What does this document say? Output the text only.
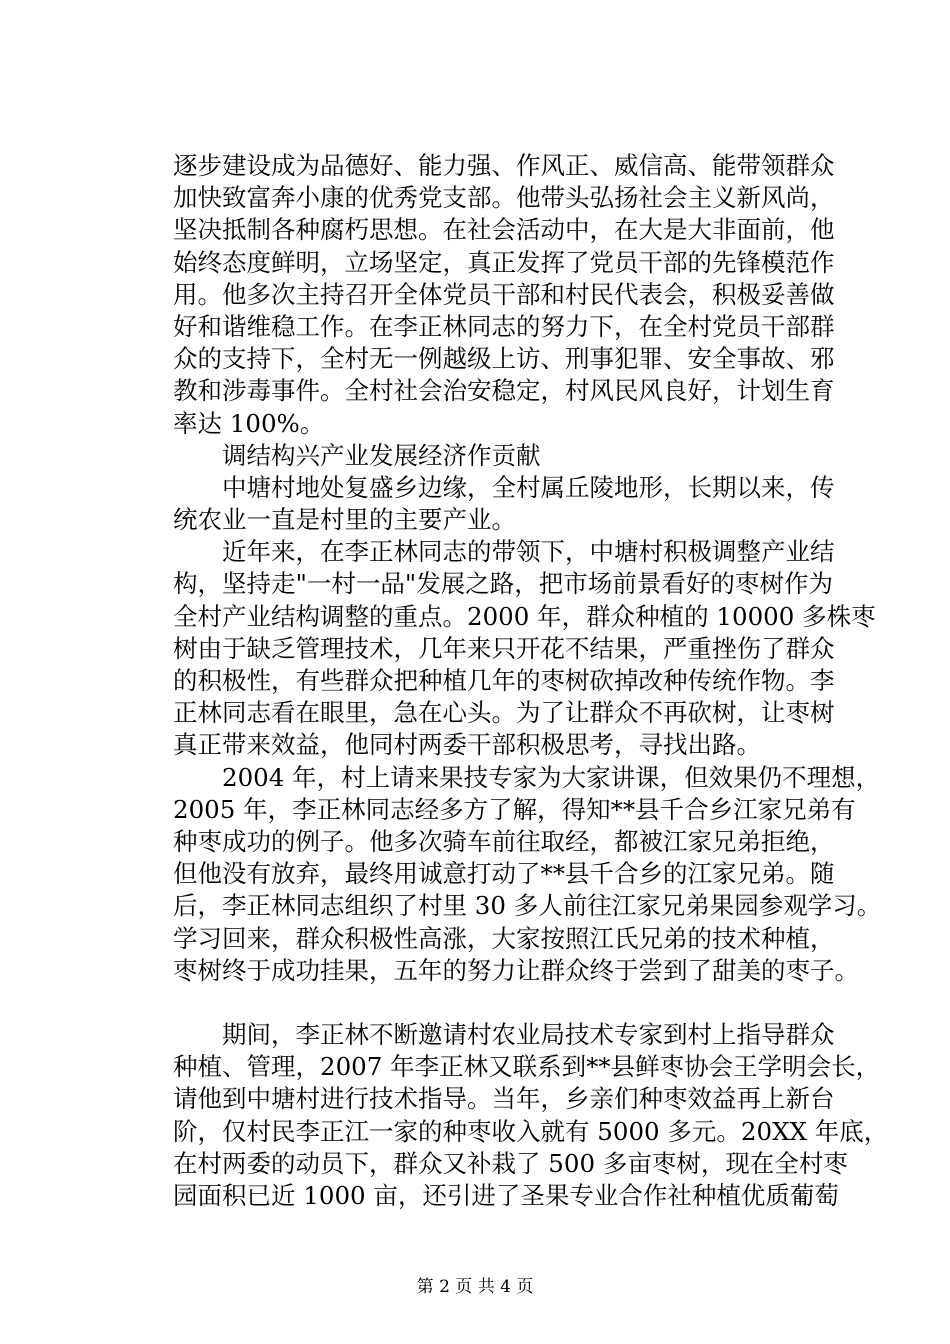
逐步建设成为品德好、能力强、作风正、威信高、能带领群众
加快致富奔小康的优秀党支部。他带头弘扬社会主义新风尚，
坚决抵制各种腐朽思想。在社会活动中，在大是大非面前，他
始终态度鲜明，立场坚定，真正发挥了党员干部的先锋模范作
用。他多次主持召开全体党员干部和村民代表会，积极妥善做
好和谐维稳工作。在李正林同志的努力下，在全村党员干部群
众的支持下，全村无一例越级上访、刑事犯罪、安全事故、邪
教和涉毒事件。全村社会治安稳定，村风民风良好，计划生育
率达 100%。
　　调结构兴产业发展经济作贡献
　　中塘村地处复盛乡边缘，全村属丘陵地形，长期以来，传
统农业一直是村里的主要产业。
　　近年来，在李正林同志的带领下，中塘村积极调整产业结
构，坚持走"一村一品"发展之路，把市场前景看好的枣树作为
全村产业结构调整的重点。2000 年，群众种植的 10000 多株枣
树由于缺乏管理技术，几年来只开花不结果，严重挫伤了群众
的积极性，有些群众把种植几年的枣树砍掉改种传统作物。李
正林同志看在眼里，急在心头。为了让群众不再砍树，让枣树
真正带来效益，他同村两委干部积极思考，寻找出路。
　　2004 年，村上请来果技专家为大家讲课，但效果仍不理想，
2005 年，李正林同志经多方了解，得知**县千合乡江家兄弟有
种枣成功的例子。他多次骑车前往取经，都被江家兄弟拒绝，
但他没有放弃，最终用诚意打动了**县千合乡的江家兄弟。随
后，李正林同志组织了村里 30 多人前往江家兄弟果园参观学习。
学习回来，群众积极性高涨，大家按照江氏兄弟的技术种植，
枣树终于成功挂果，五年的努力让群众终于尝到了甜美的枣子。
　　期间，李正林不断邀请村农业局技术专家到村上指导群众
种植、管理，2007 年李正林又联系到**县鲜枣协会王学明会长，
请他到中塘村进行技术指导。当年，乡亲们种枣效益再上新台
阶，仅村民李正江一家的种枣收入就有 5000 多元。20XX 年底，
在村两委的动员下，群众又补栽了 500 多亩枣树，现在全村枣
园面积已近 1000 亩，还引进了圣果专业合作社种植优质葡萄
第 2 页 共 4 页
